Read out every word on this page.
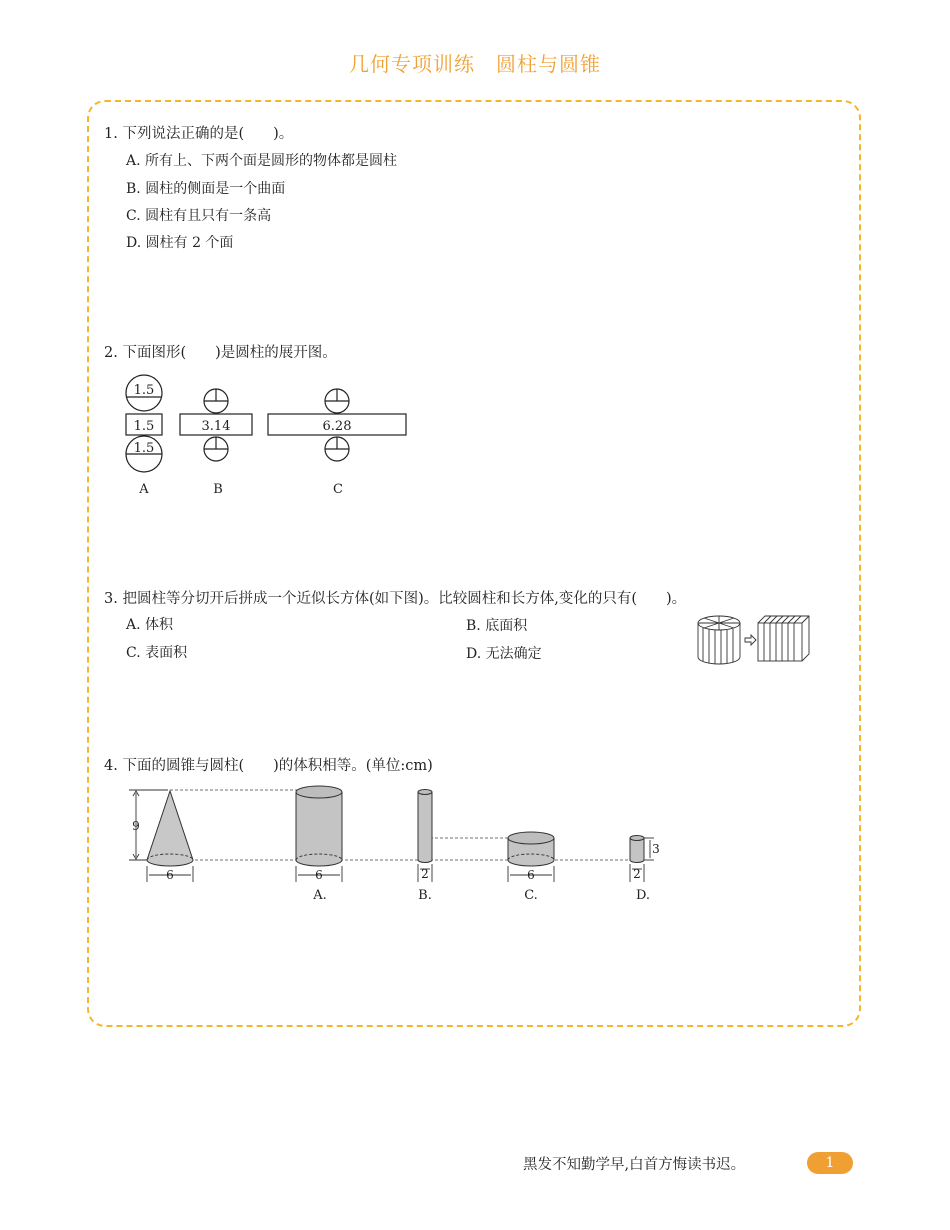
几何专项训练　圆柱与圆锥
1. 下列说法正确的是(　　)。
A. 所有上、下两个面是圆形的物体都是圆柱
B. 圆柱的侧面是一个曲面
C. 圆柱有且只有一条高
D. 圆柱有 2 个面
2. 下面图形(　　)是圆柱的展开图。
1.5
1.5
1.5
3.14	6.28
A	B	C
3. 把圆柱等分切开后拼成一个近似长方体(如下图)。比较圆柱和长方体,变化的只有(　　)。
A. 体积	B. 底面积
C. 表面积	D. 无法确定
4. 下面的圆锥与圆柱(　　)的体积相等。(单位:cm)
9
6	6	2	6	2
3
A.	B.	C.	D.
黑发不知勤学早,白首方悔读书迟。	1
